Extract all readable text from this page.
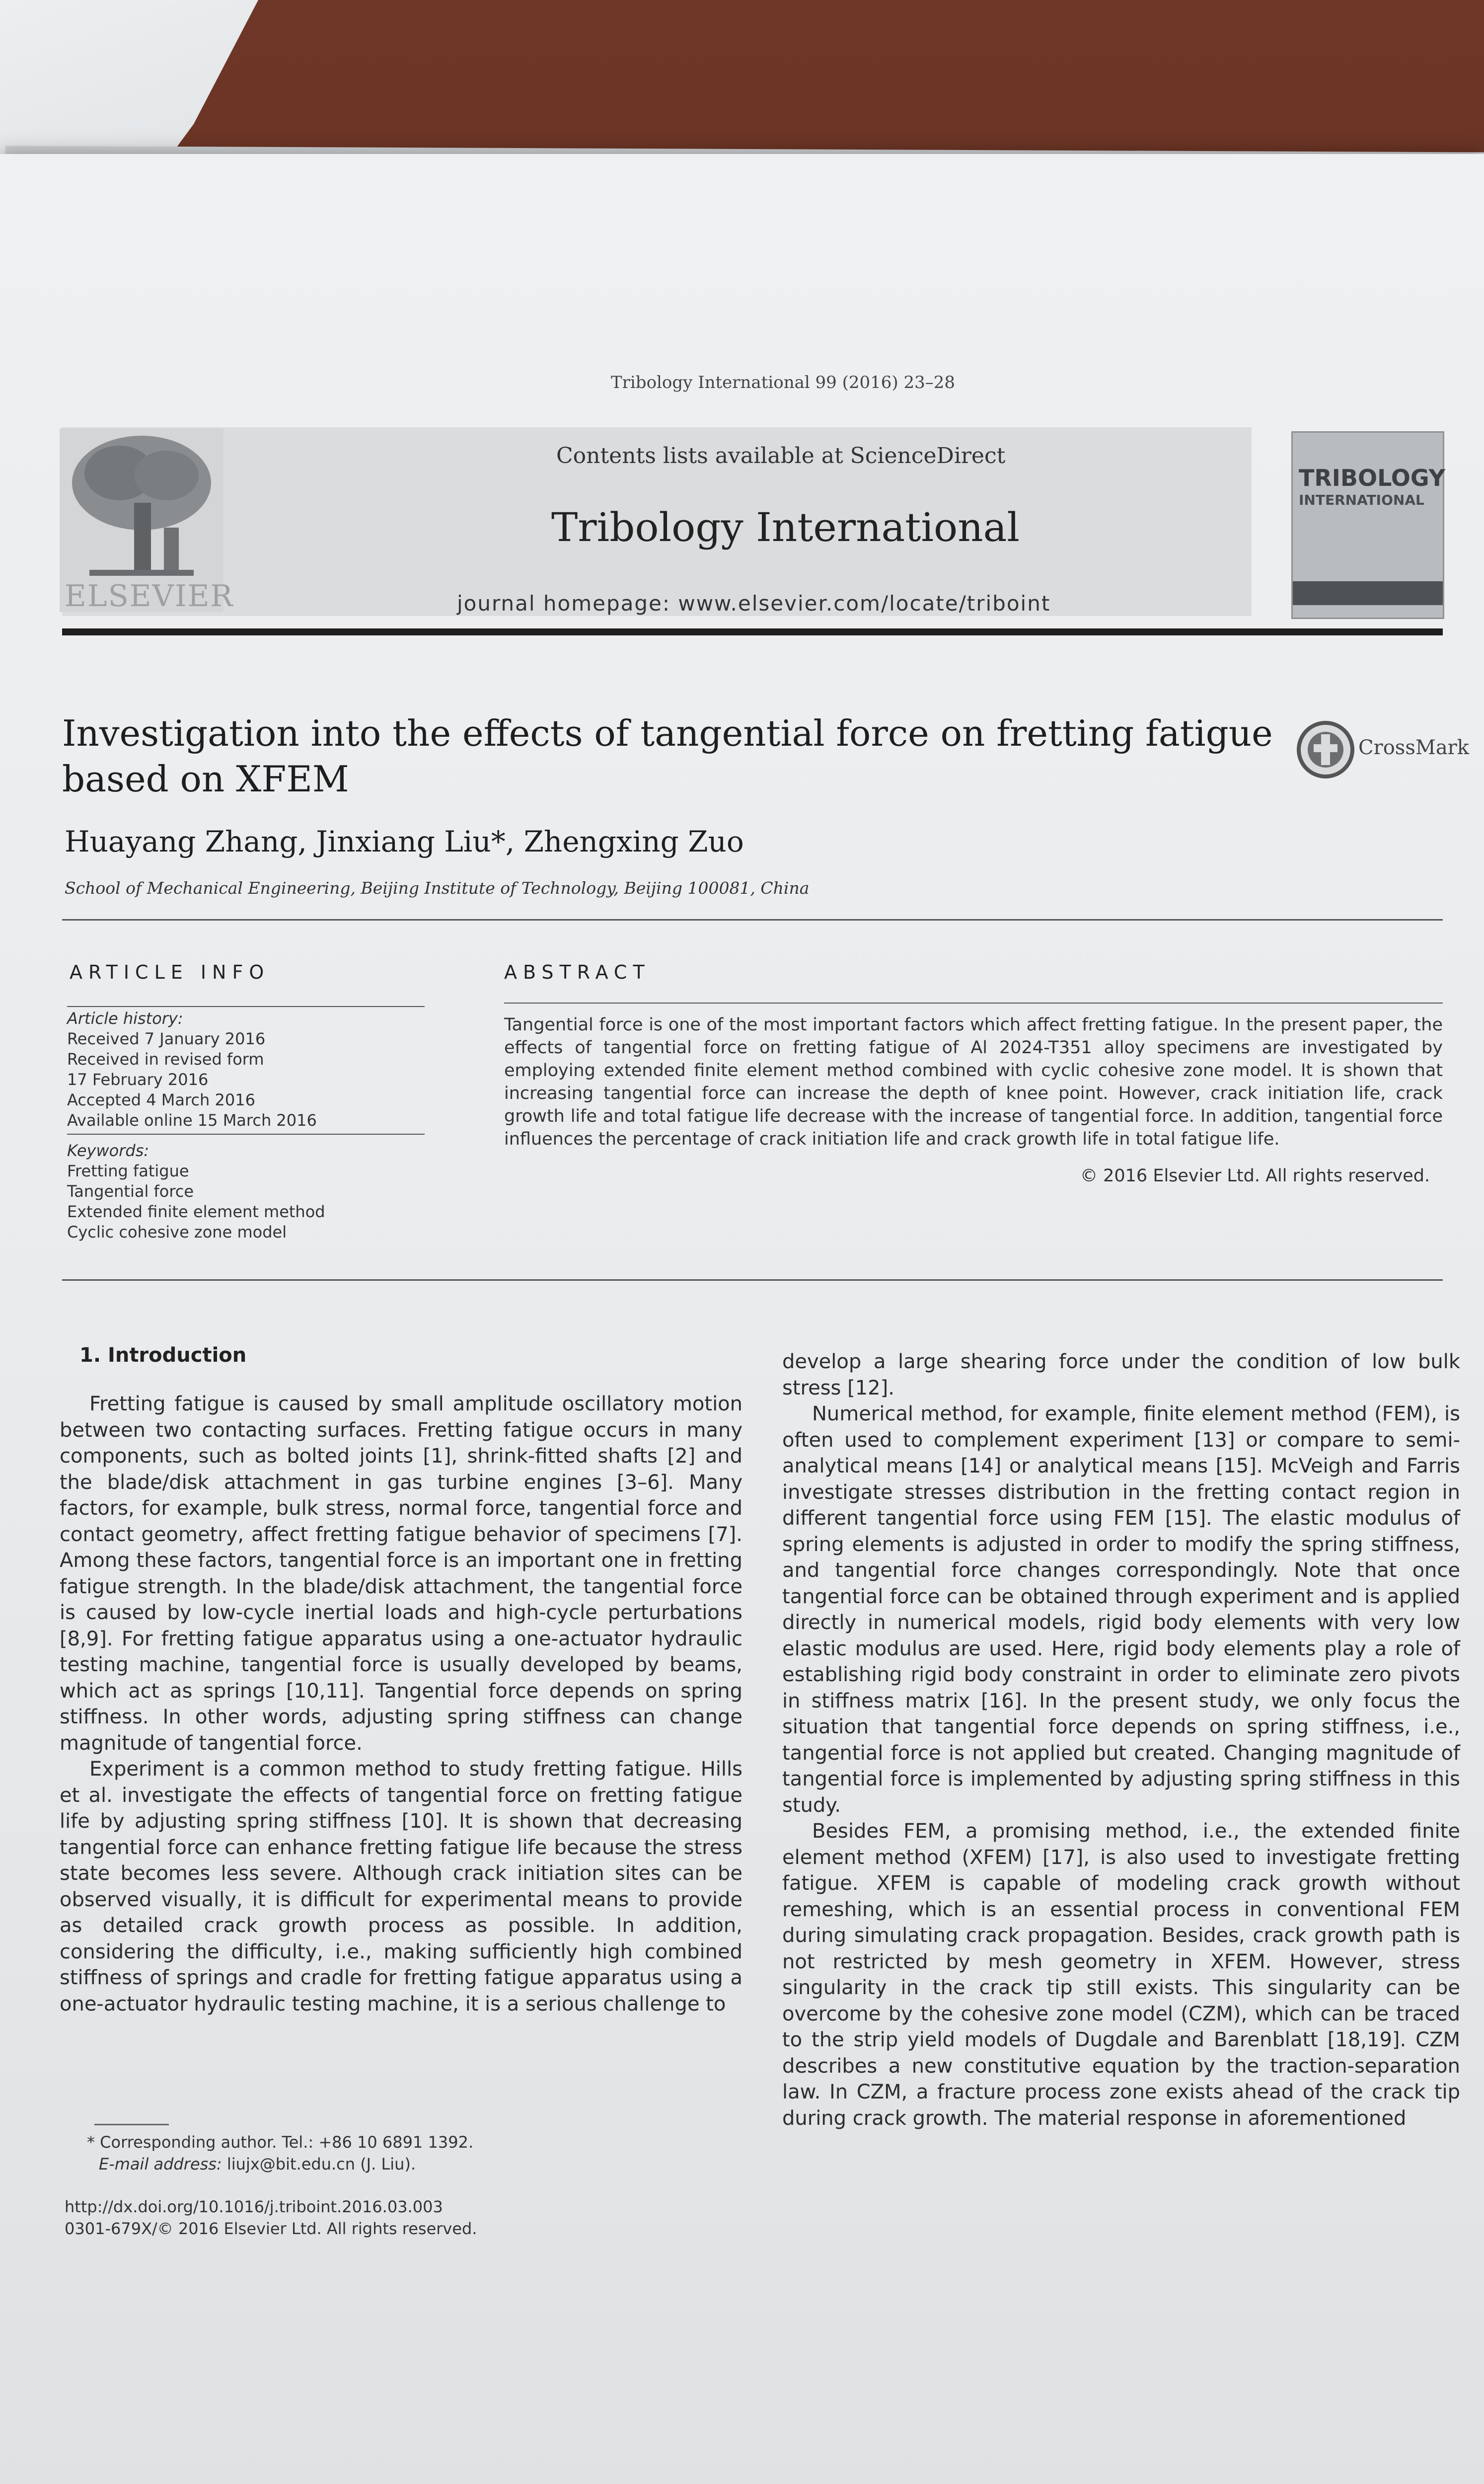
Tribology International 99 (2016) 23–28
ELSEVIER
Contents lists available at ScienceDirect
Tribology International
journal homepage: www.elsevier.com/locate/triboint
TRIBOLOGY
INTERNATIONAL
Investigation into the effects of tangential force on fretting fatigue based on XFEM
CrossMark
Huayang Zhang, Jinxiang Liu*, Zhengxing Zuo
School of Mechanical Engineering, Beijing Institute of Technology, Beijing 100081, China
ARTICLE INFO
Article history:
Received 7 January 2016
Received in revised form
17 February 2016
Accepted 4 March 2016
Available online 15 March 2016
Keywords:
Fretting fatigue
Tangential force
Extended finite element method
Cyclic cohesive zone model
ABSTRACT
Tangential force is one of the most important factors which affect fretting fatigue. In the present paper, the effects of tangential force on fretting fatigue of Al 2024-T351 alloy specimens are investigated by employing extended finite element method combined with cyclic cohesive zone model. It is shown that increasing tangential force can increase the depth of knee point. However, crack initiation life, crack growth life and total fatigue life decrease with the increase of tangential force. In addition, tangential force influences the percentage of crack initiation life and crack growth life in total fatigue life.
© 2016 Elsevier Ltd. All rights reserved.
1. Introduction

Fretting fatigue is caused by small amplitude oscillatory motion between two contacting surfaces. Fretting fatigue occurs in many components, such as bolted joints [1], shrink-fitted shafts [2] and the blade/disk attachment in gas turbine engines [3–6]. Many factors, for example, bulk stress, normal force, tangential force and contact geometry, affect fretting fatigue behavior of specimens [7]. Among these factors, tangential force is an important one in fretting fatigue strength. In the blade/disk attachment, the tangential force is caused by low-cycle inertial loads and high-cycle perturbations [8,9]. For fretting fatigue apparatus using a one-actuator hydraulic testing machine, tangential force is usually developed by beams, which act as springs [10,11]. Tangential force depends on spring stiffness. In other words, adjusting spring stiffness can change magnitude of tangential force.

Experiment is a common method to study fretting fatigue. Hills et al. investigate the effects of tangential force on fretting fatigue life by adjusting spring stiffness [10]. It is shown that decreasing tangential force can enhance fretting fatigue life because the stress state becomes less severe. Although crack initiation sites can be observed visually, it is difficult for experimental means to provide as detailed crack growth process as possible. In addition, considering the difficulty, i.e., making sufficiently high combined stiffness of springs and cradle for fretting fatigue apparatus using a one-actuator hydraulic testing machine, it is a serious challenge to

develop a large shearing force under the condition of low bulk stress [12].

Numerical method, for example, finite element method (FEM), is often used to complement experiment [13] or compare to semi-analytical means [14] or analytical means [15]. McVeigh and Farris investigate stresses distribution in the fretting contact region in different tangential force using FEM [15]. The elastic modulus of spring elements is adjusted in order to modify the spring stiffness, and tangential force changes correspondingly. Note that once tangential force can be obtained through experiment and is applied directly in numerical models, rigid body elements with very low elastic modulus are used. Here, rigid body elements play a role of establishing rigid body constraint in order to eliminate zero pivots in stiffness matrix [16]. In the present study, we only focus the situation that tangential force depends on spring stiffness, i.e., tangential force is not applied but created. Changing magnitude of tangential force is implemented by adjusting spring stiffness in this study.

Besides FEM, a promising method, i.e., the extended finite element method (XFEM) [17], is also used to investigate fretting fatigue. XFEM is capable of modeling crack growth without remeshing, which is an essential process in conventional FEM during simulating crack propagation. Besides, crack growth path is not restricted by mesh geometry in XFEM. However, stress singularity in the crack tip still exists. This singularity can be overcome by the cohesive zone model (CZM), which can be traced to the strip yield models of Dugdale and Barenblatt [18,19]. CZM describes a new constitutive equation by the traction-separation law. In CZM, a fracture process zone exists ahead of the crack tip during crack growth. The material response in aforementioned

* Corresponding author. Tel.: +86 10 6891 1392.
E-mail address: liujx@bit.edu.cn (J. Liu).
http://dx.doi.org/10.1016/j.triboint.2016.03.003
0301-679X/© 2016 Elsevier Ltd. All rights reserved.
